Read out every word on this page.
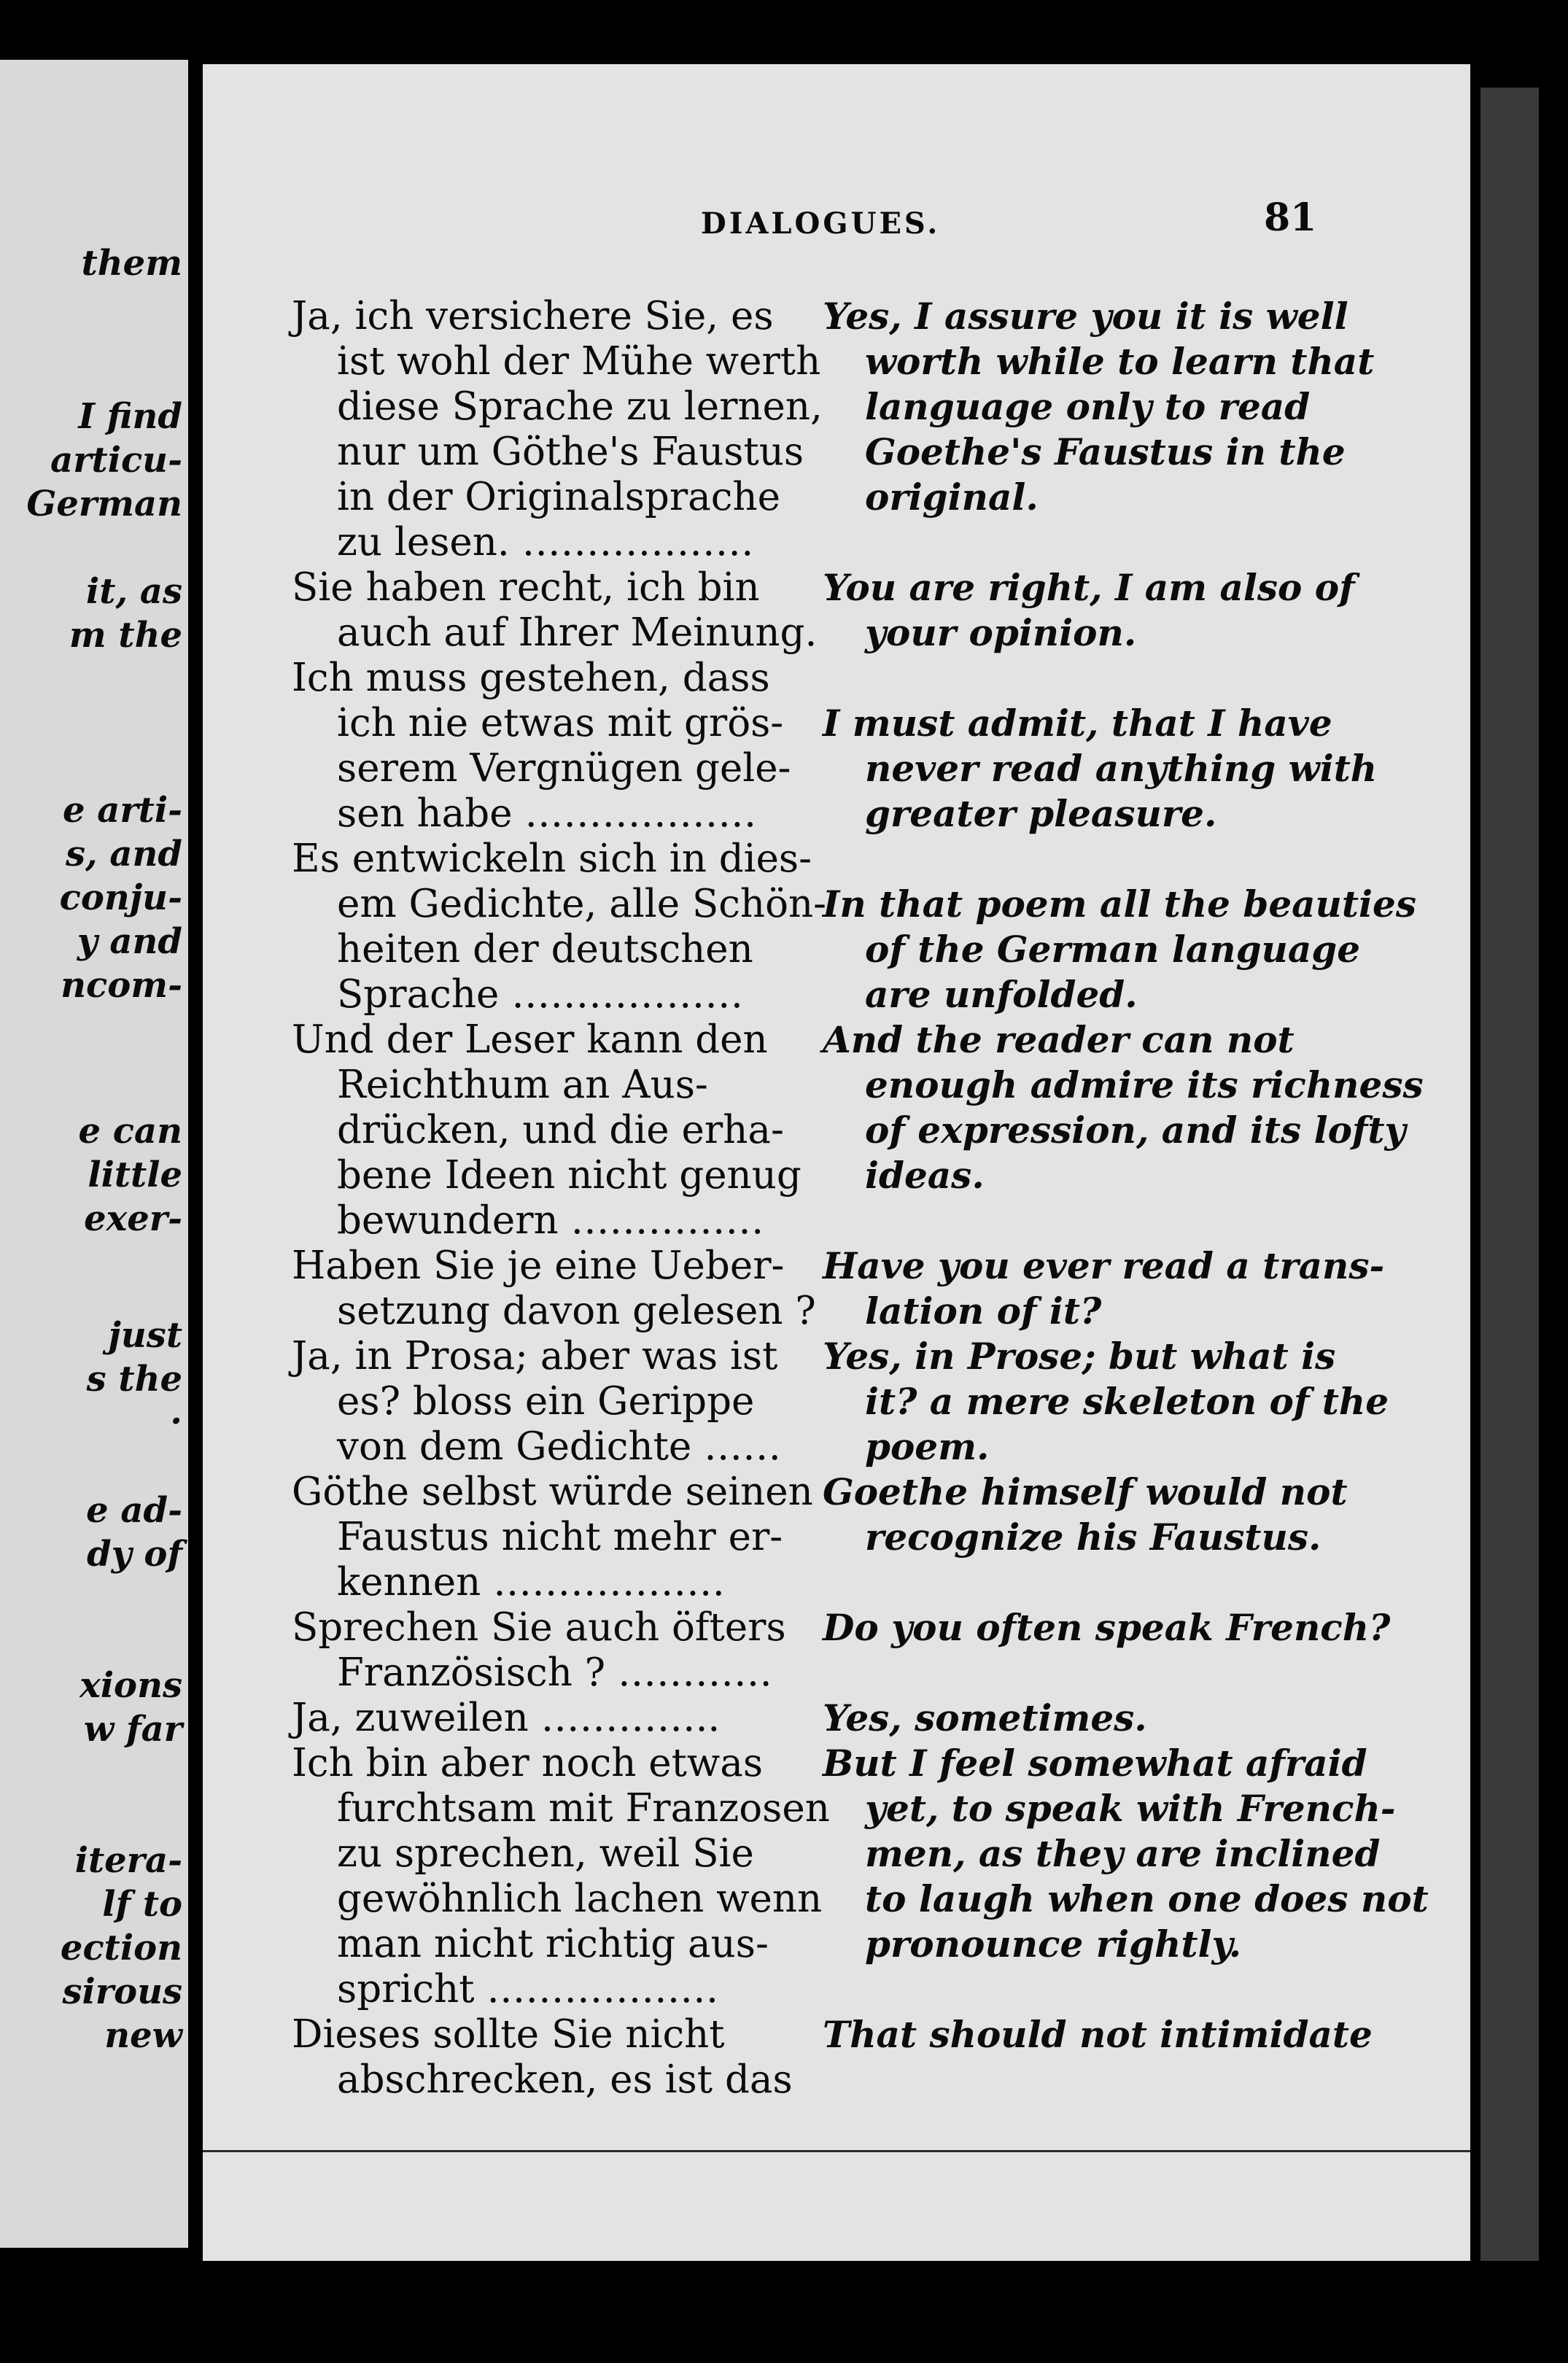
them
I find
articu-
German
it, as
m the
e arti-
s, and
conju-
y and
ncom-
e can
little
exer-
just
s the
.
e ad-
dy of
xions
w far
itera-
lf to
ection
sirous
new
DIALOGUES.	81
Ja, ich versichere Sie, es
ist wohl der Mühe werth
diese Sprache zu lernen,
nur um Göthe's Faustus
in der Originalsprache
zu lesen. ………………
Sie haben recht, ich bin
auch auf Ihrer Meinung.
Ich muss gestehen, dass
ich nie etwas mit grös-
serem Vergnügen gele-
sen habe ………………
Es entwickeln sich in dies-
em Gedichte, alle Schön-
heiten der deutschen
Sprache ………………
Und der Leser kann den
Reichthum an Aus-
drücken, und die erha-
bene Ideen nicht genug
bewundern ……………
Haben Sie je eine Ueber-
setzung davon gelesen ?
Ja, in Prosa; aber was ist
es? bloss ein Gerippe
von dem Gedichte ……
Göthe selbst würde seinen
Faustus nicht mehr er-
kennen ………………
Sprechen Sie auch öfters
Französisch ? …………
Ja, zuweilen …………..
Ich bin aber noch etwas
furchtsam mit Franzosen
zu sprechen, weil Sie
gewöhnlich lachen wenn
man nicht richtig aus-
spricht ………………
Dieses sollte Sie nicht
abschrecken, es ist das
Yes, I assure you it is well
worth while to learn that
language only to read
Goethe's Faustus in the
original.
You are right, I am also of
your opinion.
I must admit, that I have
never read anything with
greater pleasure.
In that poem all the beauties
of the German language
are unfolded.
And the reader can not
enough admire its richness
of expression, and its lofty
ideas.
Have you ever read a trans-
lation of it?
Yes, in Prose; but what is
it? a mere skeleton of the
poem.
Goethe himself would not
recognize his Faustus.
Do you often speak French?
Yes, sometimes.
But I feel somewhat afraid
yet, to speak with French-
men, as they are inclined
to laugh when one does not
pronounce rightly.
That should not intimidate
